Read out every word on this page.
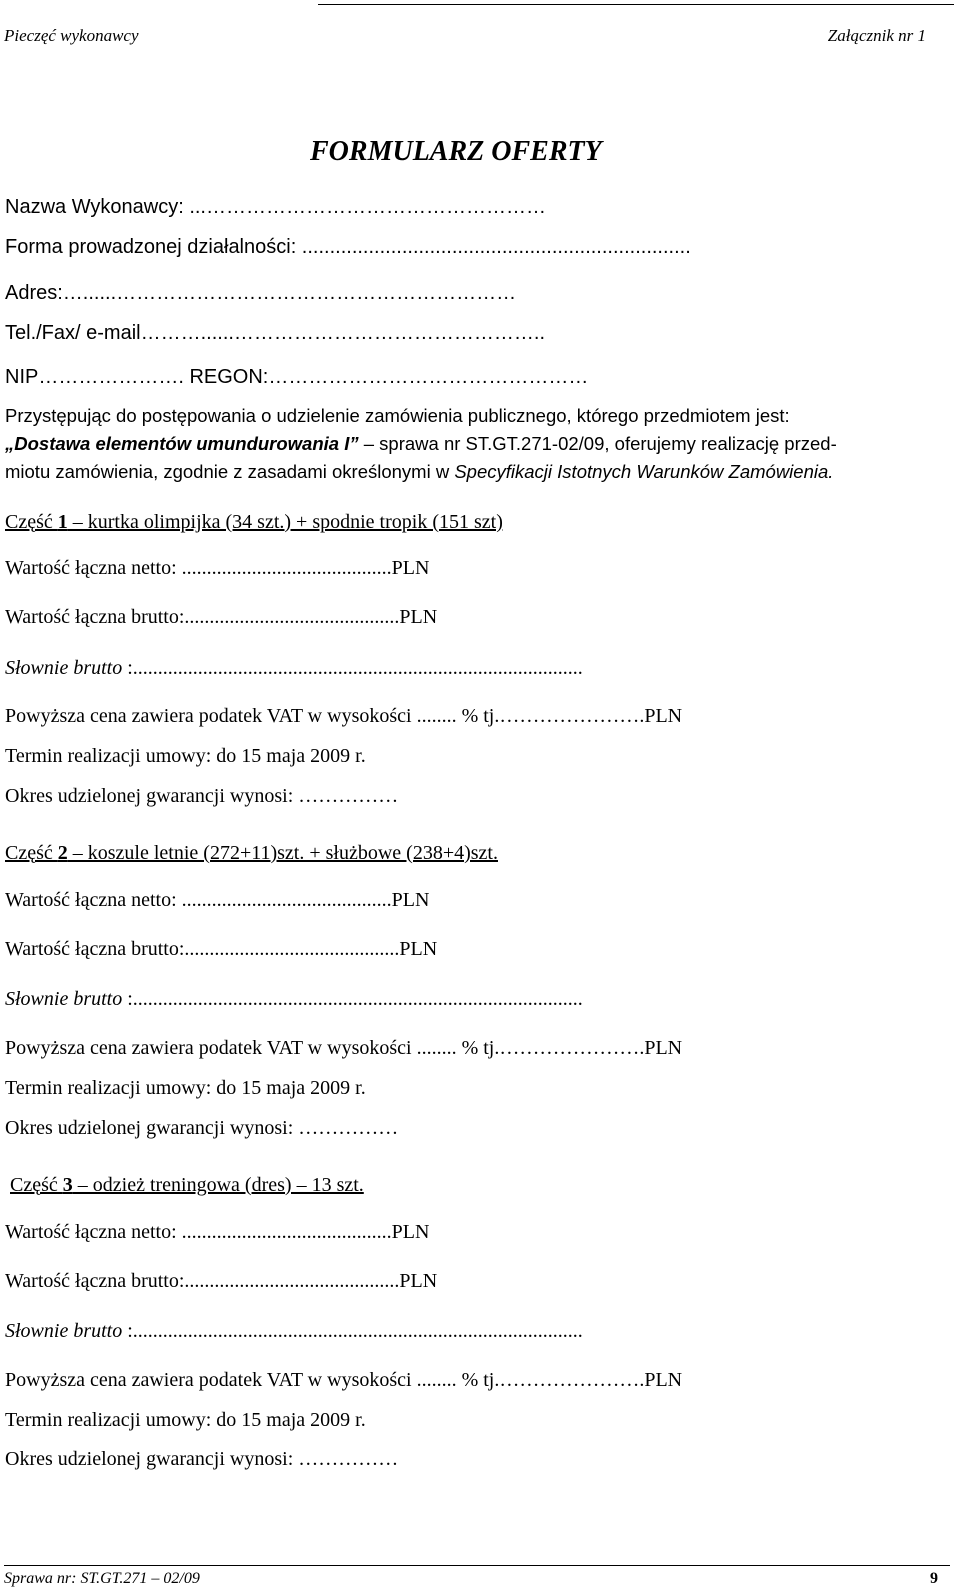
Pieczęć wykonawcy	Załącznik nr 1
FORMULARZ OFERTY
Nazwa Wykonawcy: ...……………………………………………
Forma prowadzonej działalności: ......................................................................
Adres:…......……………………………………………………
Tel./Fax/ e-mail………......………………………………………..
NIP…………………. REGON:…………………………………………
Przystępując do postępowania o udzielenie zamówienia publicznego, którego przedmiotem jest:
„Dostawa elementów umundurowania I” – sprawa nr ST.GT.271-02/09, oferujemy realizację przed-
miotu zamówienia, zgodnie z zasadami określonymi w Specyfikacji Istotnych Warunków Zamówienia.
Część 1 – kurtka olimpijka (34 szt.) + spodnie tropik (151 szt)
Wartość łączna netto: ..........................................PLN
Wartość łączna brutto:...........................................PLN
Słownie brutto :..........................................................................................
Powyższa cena zawiera podatek VAT w wysokości ........ % tj.………………….PLN
Termin realizacji umowy: do 15 maja 2009 r.
Okres udzielonej gwarancji wynosi: ……………
Część 2 – koszule letnie (272+11)szt. + służbowe (238+4)szt.
Wartość łączna netto: ..........................................PLN
Wartość łączna brutto:...........................................PLN
Słownie brutto :..........................................................................................
Powyższa cena zawiera podatek VAT w wysokości ........ % tj.………………….PLN
Termin realizacji umowy: do 15 maja 2009 r.
Okres udzielonej gwarancji wynosi: ……………
Część 3 – odzież treningowa (dres) – 13 szt.
Wartość łączna netto: ..........................................PLN
Wartość łączna brutto:...........................................PLN
Słownie brutto :..........................................................................................
Powyższa cena zawiera podatek VAT w wysokości ........ % tj.………………….PLN
Termin realizacji umowy: do 15 maja 2009 r.
Okres udzielonej gwarancji wynosi: ……………
Sprawa nr: ST.GT.271 – 02/09	9
